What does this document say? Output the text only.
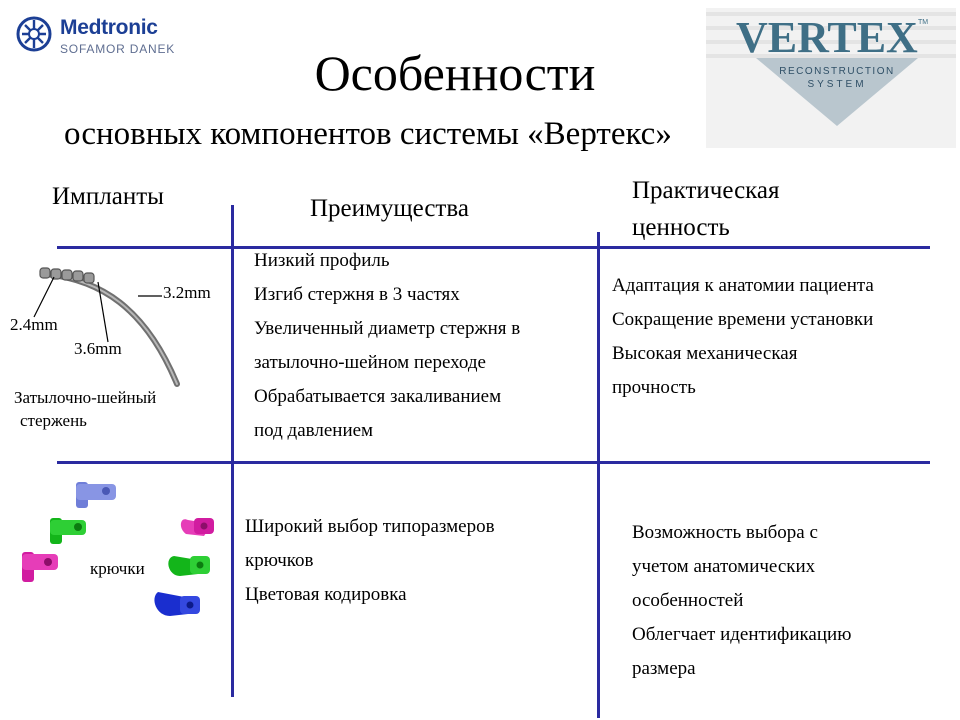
Medtronic
SOFAMOR DANEK	VERTEX TM
RECONSTRUCTION
SYSTEM
Особенности
основных компонентов системы «Вертекс»
Импланты	Преимущества
Практическая
ценность
3.2mm
2.4mm
3.6mm
Затылочно-шейный
стержень
Низкий профиль
Изгиб стержня в 3 частях
Увеличенный диаметр стержня в
затылочно-шейном переходе
Обрабатывается закаливанием
под давлением
Адаптация к анатомии пациента
Сокращение времени установки
Высокая механическая
прочность
крючки
Широкий выбор типоразмеров
крючков
Цветовая кодировка
Возможность выбора с
учетом анатомических
особенностей
Облегчает идентификацию
размера
